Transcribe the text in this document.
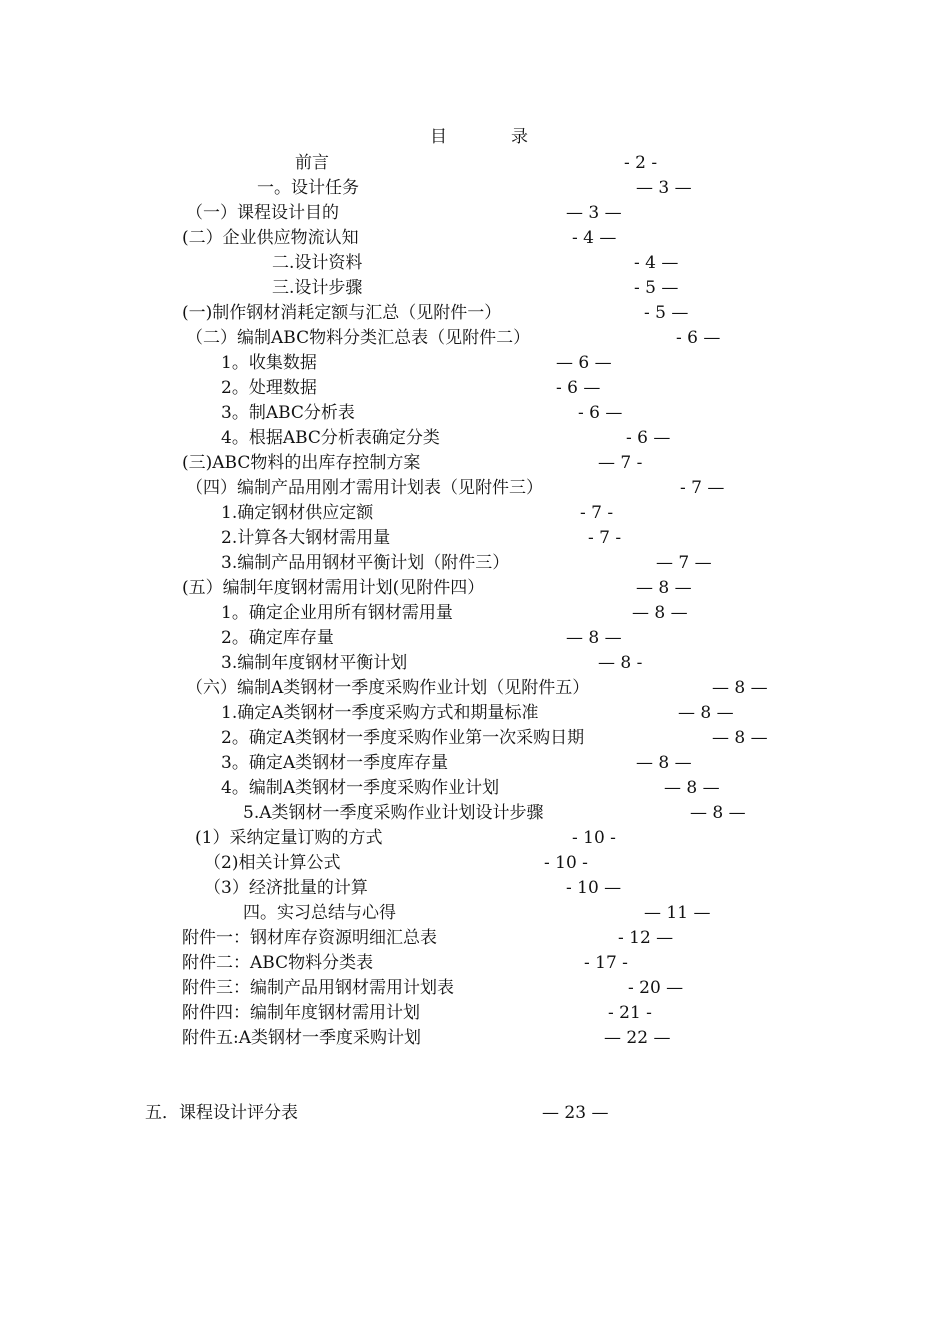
目	录
前言	- 2 -
一。设计任务	— 3 —
（一）课程设计目的	— 3 —
(二）企业供应物流认知	- 4 —
二.设计资料	- 4 —
三.设计步骤	- 5 —
(一)制作钢材消耗定额与汇总（见附件一）	- 5 —
（二）编制ABC物料分类汇总表（见附件二）	- 6 —
1。收集数据	— 6 —
2。处理数据	- 6 —
3。制ABC分析表	- 6 —
4。根据ABC分析表确定分类	- 6 —
(三)ABC物料的出库存控制方案	— 7 -
（四）编制产品用刚才需用计划表（见附件三）	- 7 —
1.确定钢材供应定额	- 7 -
2.计算各大钢材需用量	- 7 -
3.编制产品用钢材平衡计划（附件三）	— 7 —
(五）编制年度钢材需用计划(见附件四）	— 8 —
1。确定企业用所有钢材需用量	— 8 —
2。确定库存量	— 8 —
3.编制年度钢材平衡计划	— 8 -
（六）编制A类钢材一季度采购作业计划（见附件五）	— 8 —
1.确定A类钢材一季度采购方式和期量标准	— 8 —
2。确定A类钢材一季度采购作业第一次采购日期	— 8 —
3。确定A类钢材一季度库存量	— 8 —
4。编制A类钢材一季度采购作业计划	— 8 —
5.A类钢材一季度采购作业计划设计步骤	— 8 —
(1）采纳定量订购的方式	- 10 -
（2)相关计算公式	- 10 -
（3）经济批量的计算	- 10 —
四。实习总结与心得	— 11 —
附件一：钢材库存资源明细汇总表	- 12 —
附件二：ABC物料分类表	- 17 -
附件三：编制产品用钢材需用计划表	- 20 —
附件四：编制年度钢材需用计划	- 21 -
附件五:A类钢材一季度采购计划	— 22 —
五．课程设计评分表	— 23 —
